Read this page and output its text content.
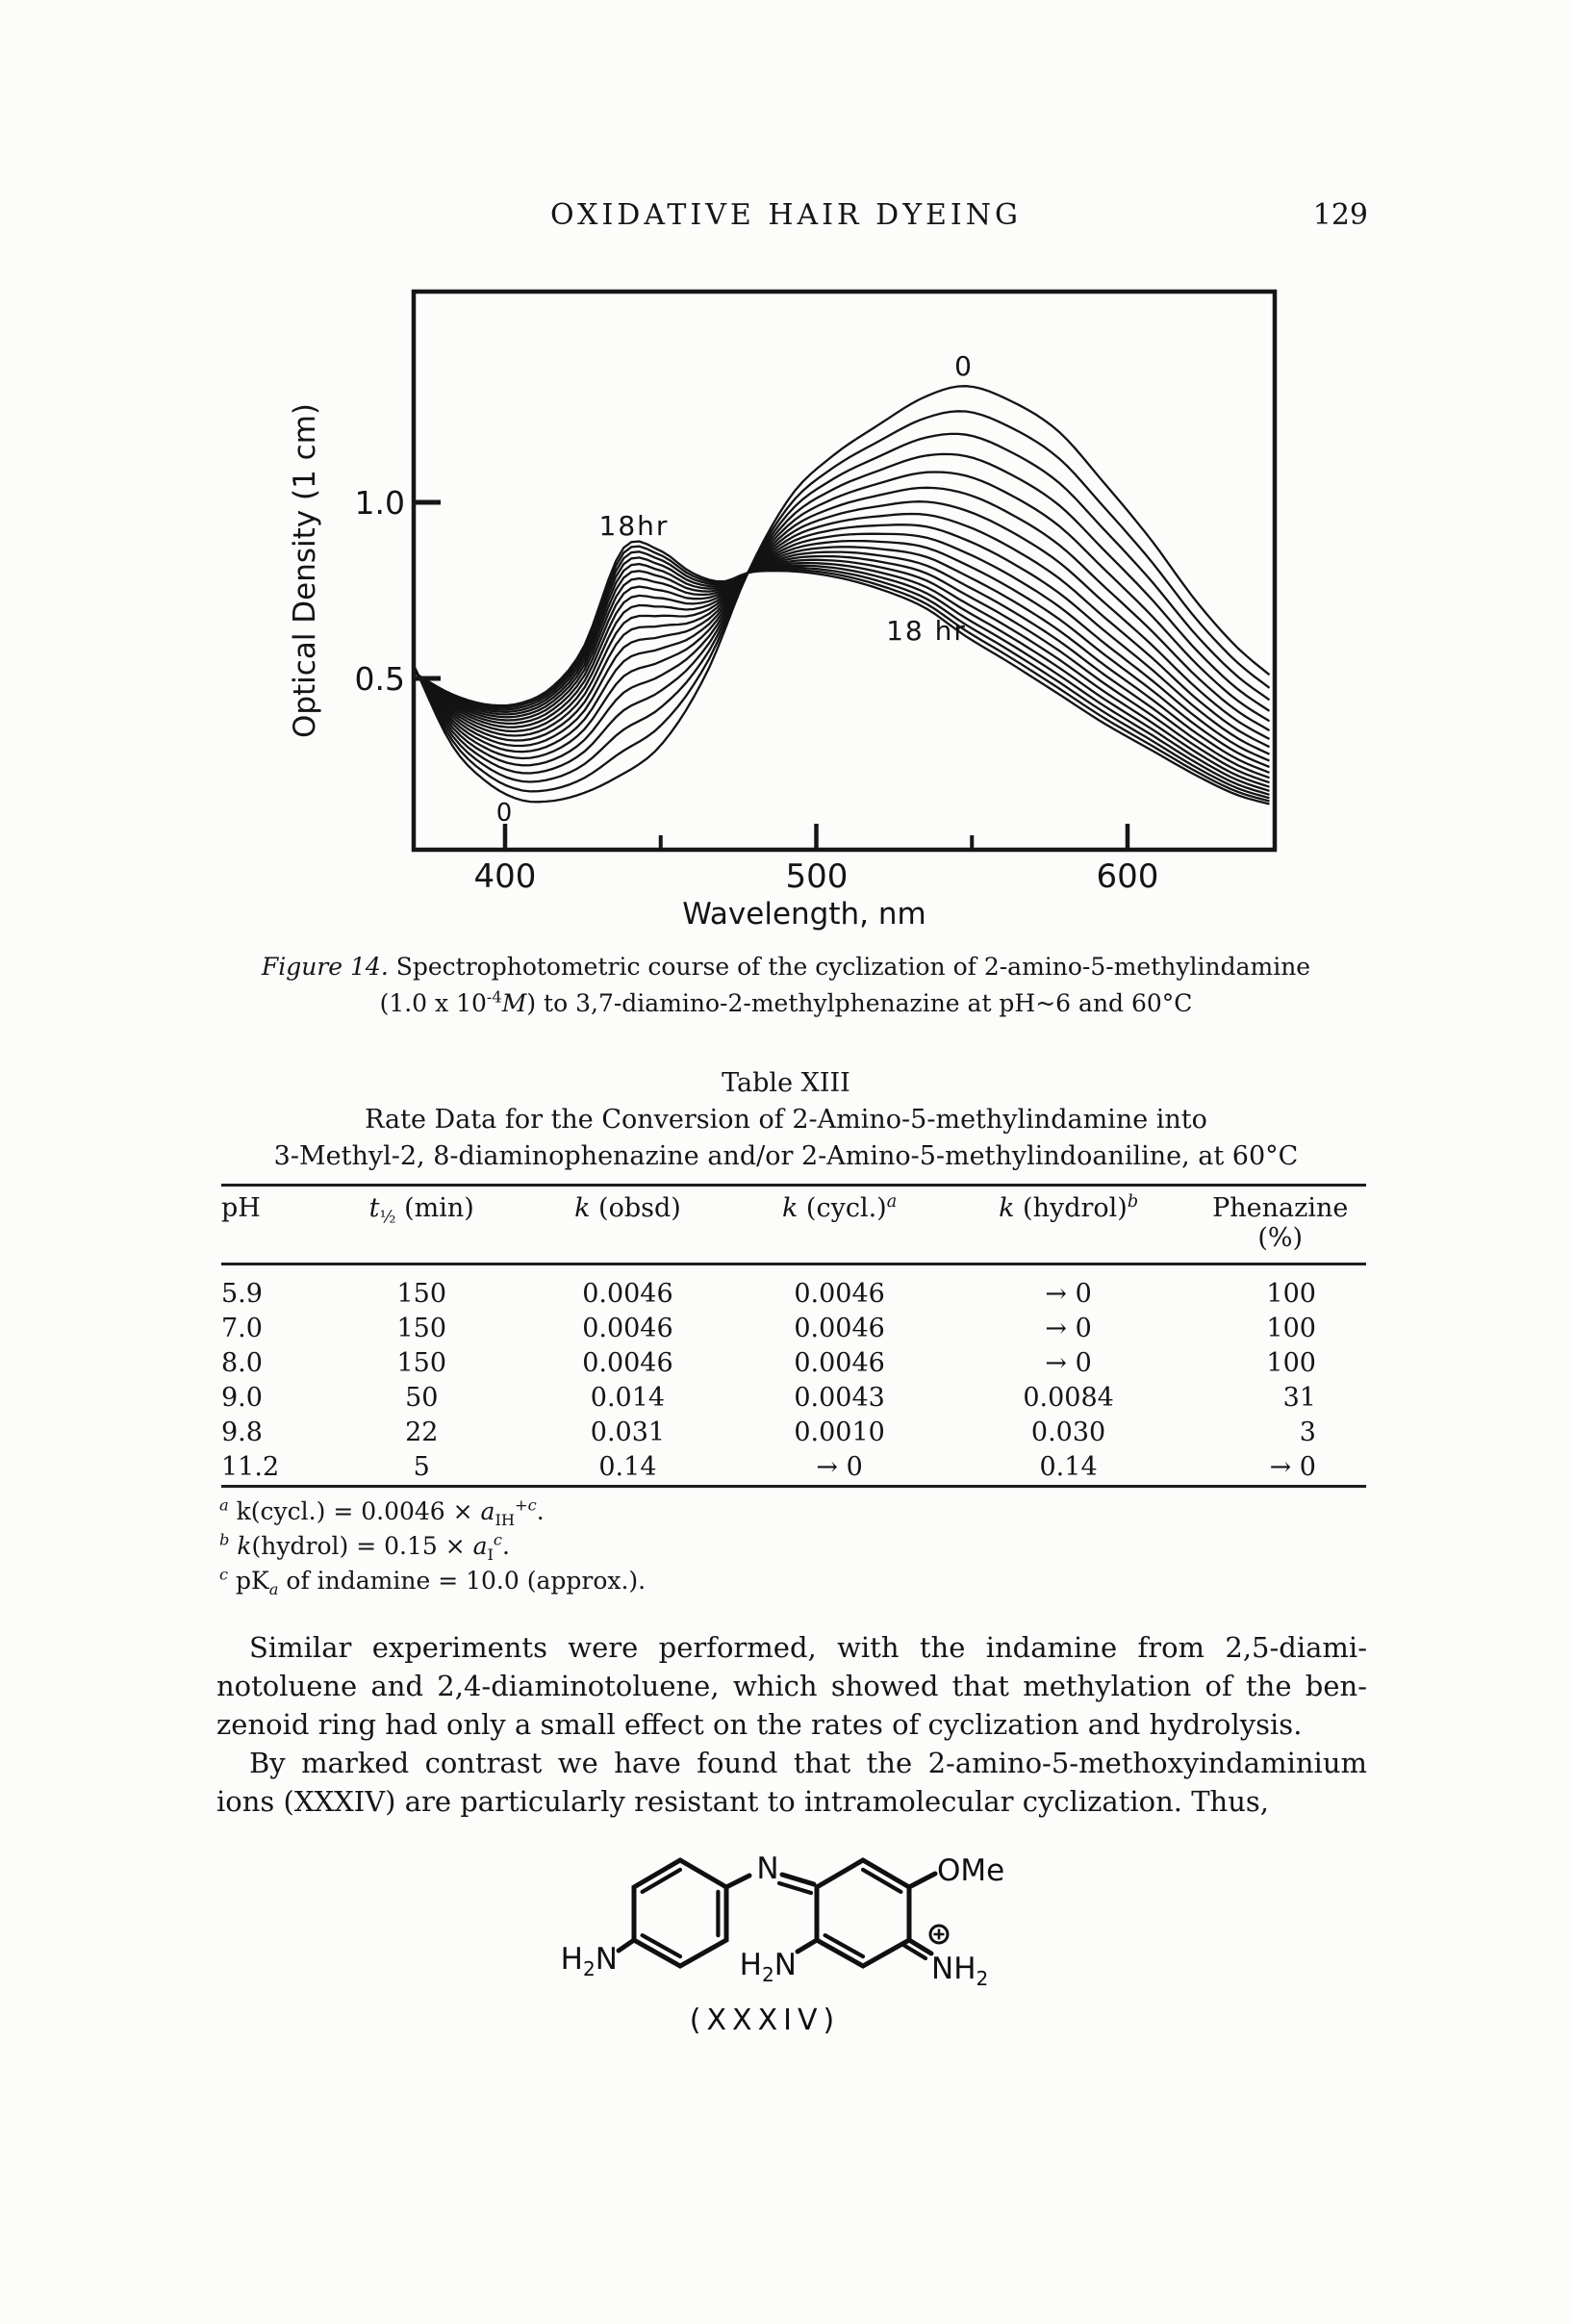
OXIDATIVE HAIR DYEING	129
1.0
0.5
400	500	600
Wavelength, nm
Optical Density (1 cm)	18hr
0
18 hr
0
Figure 14. Spectrophotometric course of the cyclization of 2-amino-5-methylindamine
(1.0 x $10^{-4}M$) to 3,7-diamino-2-methylphenazine at pH~6 and 60°C
Table XIII
Rate Data for the Conversion of 2-Amino-5-methylindamine into
3-Methyl-2, 8-diaminophenazine and/or 2-Amino-5-methylindoaniline, at 60°C
pH	$t_{\frac{1}{2}}$ (min)	k (obsd)	k (cycl.)$^a$	k (hydrol)$^b$	Phenazine
(%)
5.9	150	0.0046	0.0046	→ 0	100
7.0	150	0.0046	0.0046	→ 0	100
8.0	150	0.0046	0.0046	→ 0	100
9.0	50	0.014	0.0043	0.0084	31
9.8	22	0.031	0.0010	0.030	3
11.2	5	0.14	→ 0	0.14	→ 0
$^a$ k(cycl.) = $0.0046 \times a_{IH}^{+c}$.
$^b$ k(hydrol) = $0.15 \times a_I^c$.
$^c$ $pK_a$ of indamine = 10.0 (approx.).
Similar experiments were performed, with the indamine from 2,5-diami-
notoluene and 2,4-diaminotoluene, which showed that methylation of the ben-
zenoid ring had only a small effect on the rates of cyclization and hydrolysis.
By marked contrast we have found that the 2-amino-5-methoxyindaminium
ions (XXXIV) are particularly resistant to intramolecular cyclization. Thus,
N	OMe
$H_2N$	$H_2N$	$NH_2$
(XXXIV)
